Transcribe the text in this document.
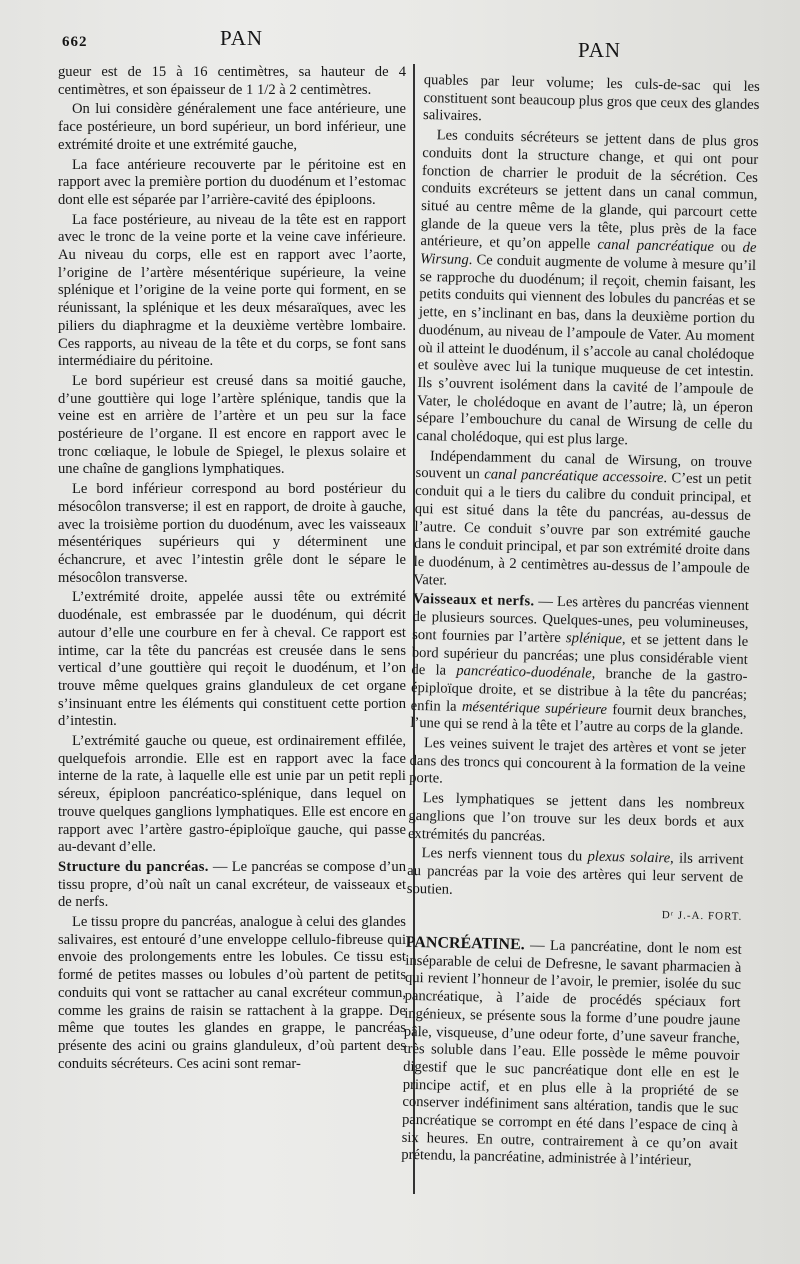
662	PAN	PAN

gueur est de 15 à 16 centimètres, sa hauteur de 4 centimètres, et son épaisseur de 1 1/2 à 2 centimètres.

On lui considère généralement une face antérieure, une face postérieure, un bord supérieur, un bord inférieur, une extrémité droite et une extrémité gauche,

La face antérieure recouverte par le péritoine est en rapport avec la première portion du duodénum et l’estomac dont elle est séparée par l’arrière-cavité des épiploons.

La face postérieure, au niveau de la tête est en rapport avec le tronc de la veine porte et la veine cave inférieure. Au niveau du corps, elle est en rapport avec l’aorte, l’origine de l’artère mésentérique supérieure, la veine splénique et l’origine de la veine porte qui forment, en se réunissant, la splénique et les deux mésaraïques, avec les piliers du diaphragme et la deuxième vertèbre lombaire. Ces rapports, au niveau de la tête et du corps, se font sans intermédiaire du péritoine.

Le bord supérieur est creusé dans sa moitié gauche, d’une gouttière qui loge l’artère splénique, tandis que la veine est en arrière de l’artère et un peu sur la face postérieure de l’organe. Il est encore en rapport avec le tronc cœliaque, le lobule de Spiegel, le plexus solaire et une chaîne de ganglions lymphatiques.

Le bord inférieur correspond au bord postérieur du mésocôlon transverse; il est en rapport, de droite à gauche, avec la troisième portion du duodénum, avec les vaisseaux mésentériques supérieurs qui y déterminent une échancrure, et avec l’intestin grêle dont le sépare le mésocôlon transverse.

L’extrémité droite, appelée aussi tête ou extrémité duodénale, est embrassée par le duodénum, qui décrit autour d’elle une courbure en fer à cheval. Ce rapport est intime, car la tête du pancréas est creusée dans le sens vertical d’une gouttière qui reçoit le duodénum, et l’on trouve même quelques grains glanduleux de cet organe s’insinuant entre les éléments qui constituent cette portion d’intestin.

L’extrémité gauche ou queue, est ordinairement effilée, quelquefois arrondie. Elle est en rapport avec la face interne de la rate, à laquelle elle est unie par un petit repli séreux, épiploon pancréatico-splénique, dans lequel on trouve quelques ganglions lymphatiques. Elle est encore en rapport avec l’artère gastro-épiploïque gauche, qui passe au-devant d’elle.

Structure du pancréas. — Le pancréas se compose d’un tissu propre, d’où naît un canal excréteur, de vaisseaux et de nerfs.

Le tissu propre du pancréas, analogue à celui des glandes salivaires, est entouré d’une enveloppe cellulo-fibreuse qui envoie des prolongements entre les lobules. Ce tissu est formé de petites masses ou lobules d’où partent de petits conduits qui vont se rattacher au canal excréteur commun, comme les grains de raisin se rattachent à la grappe. De même que toutes les glandes en grappe, le pancréas présente des acini ou grains glanduleux, d’où partent des conduits sécréteurs. Ces acini sont remar-

quables par leur volume; les culs-de-sac qui les constituent sont beaucoup plus gros que ceux des glandes salivaires.

Les conduits sécréteurs se jettent dans de plus gros conduits dont la structure change, et qui ont pour fonction de charrier le produit de la sécrétion. Ces conduits excréteurs se jettent dans un canal commun, situé au centre même de la glande, qui parcourt cette glande de la queue vers la tête, plus près de la face antérieure, et qu’on appelle canal pancréatique ou de Wirsung. Ce conduit augmente de volume à mesure qu’il se rapproche du duodénum; il reçoit, chemin faisant, les petits conduits qui viennent des lobules du pancréas et se jette, en s’inclinant en bas, dans la deuxième portion du duodénum, au niveau de l’ampoule de Vater. Au moment où il atteint le duodénum, il s’accole au canal cholédoque et soulève avec lui la tunique muqueuse de cet intestin. Ils s’ouvrent isolément dans la cavité de l’ampoule de Vater, le cholédoque en avant de l’autre; là, un éperon sépare l’embouchure du canal de Wirsung de celle du canal cholédoque, qui est plus large.

Indépendamment du canal de Wirsung, on trouve souvent un canal pancréatique accessoire. C’est un petit conduit qui a le tiers du calibre du conduit principal, et qui est situé dans la tête du pancréas, au-dessus de l’autre. Ce conduit s’ouvre par son extrémité gauche dans le conduit principal, et par son extrémité droite dans le duodénum, à 2 centimètres au-dessus de l’ampoule de Vater.

Vaisseaux et nerfs. — Les artères du pancréas viennent de plusieurs sources. Quelques-unes, peu volumineuses, sont fournies par l’artère splénique, et se jettent dans le bord supérieur du pancréas; une plus considérable vient de la pancréatico-duodénale, branche de la gastro-épiploïque droite, et se distribue à la tête du pancréas; enfin la mésentérique supérieure fournit deux branches, l’une qui se rend à la tête et l’autre au corps de la glande.

Les veines suivent le trajet des artères et vont se jeter dans des troncs qui concourent à la formation de la veine porte.

Les lymphatiques se jettent dans les nombreux ganglions que l’on trouve sur les deux bords et aux extrémités du pancréas.

Les nerfs viennent tous du plexus solaire, ils arrivent au pancréas par la voie des artères qui leur servent de soutien.

Dʳ J.-A. FORT.

PANCRÉATINE. — La pancréatine, dont le nom est inséparable de celui de Defresne, le savant pharmacien à qui revient l’honneur de l’avoir, le premier, isolée du suc pancréatique, à l’aide de procédés spéciaux fort ingénieux, se présente sous la forme d’une poudre jaune pâle, visqueuse, d’une odeur forte, d’une saveur franche, très soluble dans l’eau. Elle possède le même pouvoir digestif que le suc pancréatique dont elle en est le principe actif, et en plus elle à la propriété de se conserver indéfiniment sans altération, tandis que le suc pancréatique se corrompt en été dans l’espace de cinq à six heures. En outre, contrairement à ce qu’on avait prétendu, la pancréatine, administrée à l’intérieur,
